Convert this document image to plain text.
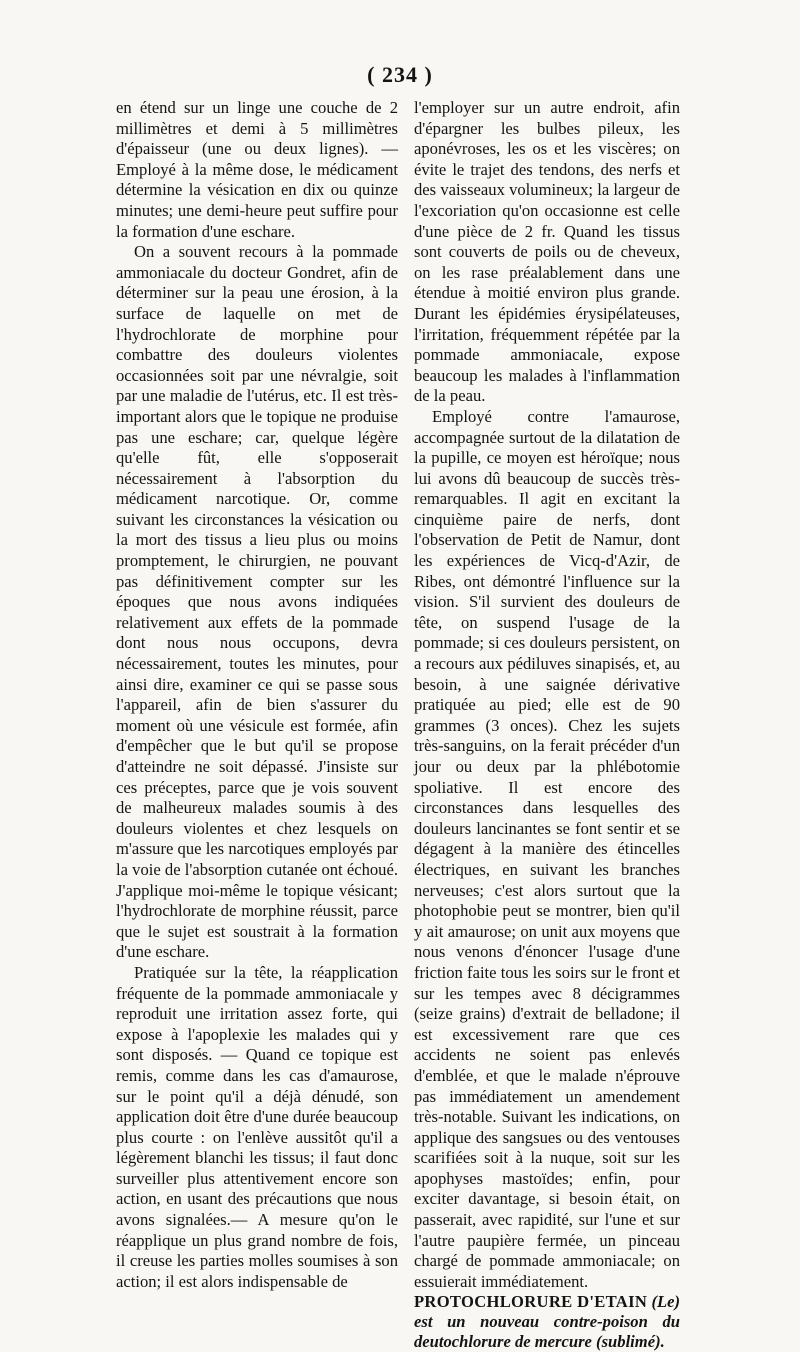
( 234 )

en étend sur un linge une couche de 2 millimètres et demi à 5 millimètres d'épaisseur (une ou deux lignes). — Employé à la même dose, le médicament détermine la vésication en dix ou quinze minutes; une demi-heure peut suffire pour la formation d'une eschare.

On a souvent recours à la pommade ammoniacale du docteur Gondret, afin de déterminer sur la peau une érosion, à la surface de laquelle on met de l'hydrochlorate de morphine pour combattre des douleurs violentes occasionnées soit par une névralgie, soit par une maladie de l'utérus, etc. Il est très-important alors que le topique ne produise pas une eschare; car, quelque légère qu'elle fût, elle s'opposerait nécessairement à l'absorption du médicament narcotique. Or, comme suivant les circonstances la vésication ou la mort des tissus a lieu plus ou moins promptement, le chirurgien, ne pouvant pas définitivement compter sur les époques que nous avons indiquées relativement aux effets de la pommade dont nous nous occupons, devra nécessairement, toutes les minutes, pour ainsi dire, examiner ce qui se passe sous l'appareil, afin de bien s'assurer du moment où une vésicule est formée, afin d'empêcher que le but qu'il se propose d'atteindre ne soit dépassé. J'insiste sur ces préceptes, parce que je vois souvent de malheureux malades soumis à des douleurs violentes et chez lesquels on m'assure que les narcotiques employés par la voie de l'absorption cutanée ont échoué. J'applique moi-même le topique vésicant; l'hydrochlorate de morphine réussit, parce que le sujet est soustrait à la formation d'une eschare.

Pratiquée sur la tête, la réapplication fréquente de la pommade ammoniacale y reproduit une irritation assez forte, qui expose à l'apoplexie les malades qui y sont disposés. — Quand ce topique est remis, comme dans les cas d'amaurose, sur le point qu'il a déjà dénudé, son application doit être d'une durée beaucoup plus courte : on l'enlève aussitôt qu'il a légèrement blanchi les tissus; il faut donc surveiller plus attentivement encore son action, en usant des précautions que nous avons signalées.— A mesure qu'on le réapplique un plus grand nombre de fois, il creuse les parties molles soumises à son action; il est alors indispensable de

l'employer sur un autre endroit, afin d'épargner les bulbes pileux, les aponévroses, les os et les viscères; on évite le trajet des tendons, des nerfs et des vaisseaux volumineux; la largeur de l'excoriation qu'on occasionne est celle d'une pièce de 2 fr. Quand les tissus sont couverts de poils ou de cheveux, on les rase préalablement dans une étendue à moitié environ plus grande. Durant les épidémies érysipélateuses, l'irritation, fréquemment répétée par la pommade ammoniacale, expose beaucoup les malades à l'inflammation de la peau.

Employé contre l'amaurose, accompagnée surtout de la dilatation de la pupille, ce moyen est héroïque; nous lui avons dû beaucoup de succès très-remarquables. Il agit en excitant la cinquième paire de nerfs, dont l'observation de Petit de Namur, dont les expériences de Vicq-d'Azir, de Ribes, ont démontré l'influence sur la vision. S'il survient des douleurs de tête, on suspend l'usage de la pommade; si ces douleurs persistent, on a recours aux pédiluves sinapisés, et, au besoin, à une saignée dérivative pratiquée au pied; elle est de 90 grammes (3 onces). Chez les sujets très-sanguins, on la ferait précéder d'un jour ou deux par la phlébotomie spoliative. Il est encore des circonstances dans lesquelles des douleurs lancinantes se font sentir et se dégagent à la manière des étincelles électriques, en suivant les branches nerveuses; c'est alors surtout que la photophobie peut se montrer, bien qu'il y ait amaurose; on unit aux moyens que nous venons d'énoncer l'usage d'une friction faite tous les soirs sur le front et sur les tempes avec 8 décigrammes (seize grains) d'extrait de belladone; il est excessivement rare que ces accidents ne soient pas enlevés d'emblée, et que le malade n'éprouve pas immédiatement un amendement très-notable. Suivant les indications, on applique des sangsues ou des ventouses scarifiées soit à la nuque, soit sur les apophyses mastoïdes; enfin, pour exciter davantage, si besoin était, on passerait, avec rapidité, sur l'une et sur l'autre paupière fermée, un pinceau chargé de pommade ammoniacale; on essuierait immédiatement.

PROTOCHLORURE D'ETAIN (Le) est un nouveau contre-poison du deutochlorure de mercure (sublimé).
